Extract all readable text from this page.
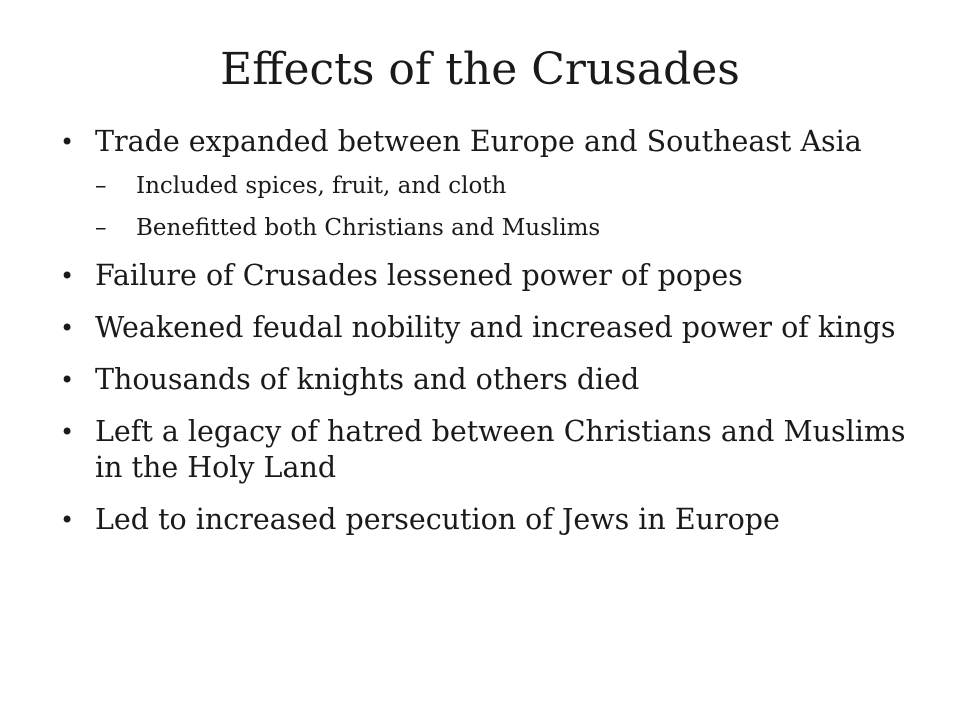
Effects of the Crusades
• Trade expanded between Europe and Southeast Asia
– Included spices, fruit, and cloth
– Benefitted both Christians and Muslims
• Failure of Crusades lessened power of popes
• Weakened feudal nobility and increased power of kings
• Thousands of knights and others died
• Left a legacy of hatred between Christians and Muslims in the Holy Land
• Led to increased persecution of Jews in Europe
